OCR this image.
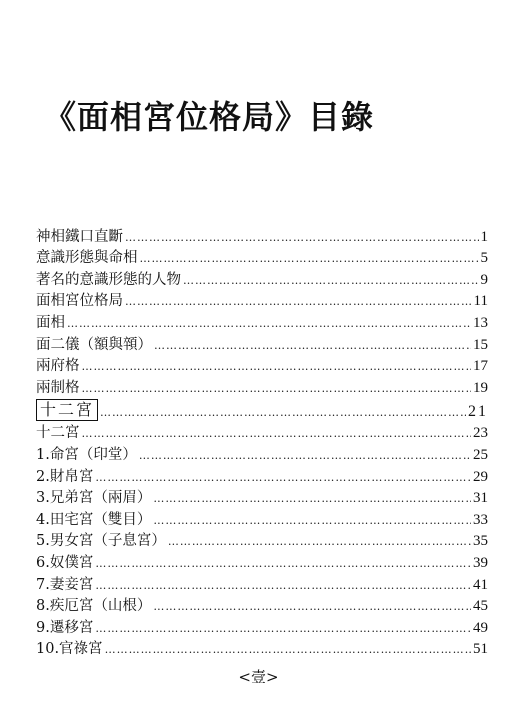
《面相宮位格局》目錄
神相鐵口直斷 ………………………………………………………………………………………………………………………………………………………………………………	1
意識形態與命相 ………………………………………………………………………………………………………………………………………………………………………………	5
著名的意識形態的人物 ………………………………………………………………………………………………………………………………………………………………………………	9
面相宮位格局 ………………………………………………………………………………………………………………………………………………………………………………	11
面相 ………………………………………………………………………………………………………………………………………………………………………………	13
面二儀（額與顇） ………………………………………………………………………………………………………………………………………………………………………………	15
兩府格 ………………………………………………………………………………………………………………………………………………………………………………	17
兩制格 ………………………………………………………………………………………………………………………………………………………………………………	19
十二宮 ………………………………………………………………………………………………………………………………………………………………………………	21
十二宮 ………………………………………………………………………………………………………………………………………………………………………………	23
1.命宮（印堂） ………………………………………………………………………………………………………………………………………………………………………………	25
2.財帛宮 ………………………………………………………………………………………………………………………………………………………………………………	29
3.兄弟宮（兩眉） ………………………………………………………………………………………………………………………………………………………………………………	31
4.田宅宮（雙目） ………………………………………………………………………………………………………………………………………………………………………………	33
5.男女宮（子息宮） ………………………………………………………………………………………………………………………………………………………………………………	35
6.奴僕宮 ………………………………………………………………………………………………………………………………………………………………………………	39
7.妻妾宮 ………………………………………………………………………………………………………………………………………………………………………………	41
8.疾厄宮（山根） ………………………………………………………………………………………………………………………………………………………………………………	45
9.遷移宮 ………………………………………………………………………………………………………………………………………………………………………………	49
10.官祿宮 ………………………………………………………………………………………………………………………………………………………………………………	51
<壹>
